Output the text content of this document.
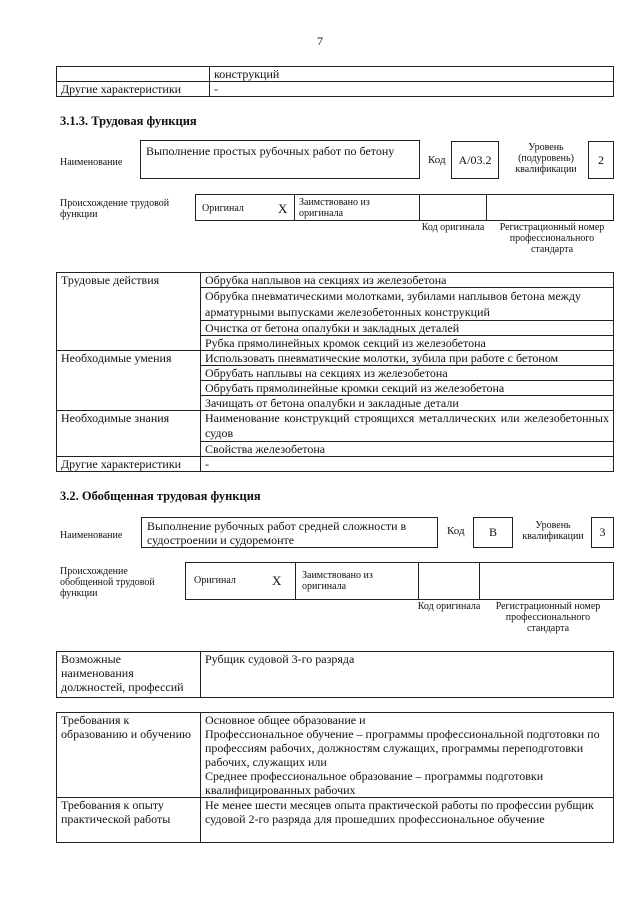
7
	конструкций
Другие характеристики	-
3.1.3. Трудовая функция
Наименование
Выполнение простых рубочных работ по бетону
Код	А/03.2
Уровень (подуровень) квалификации
2
Происхождение трудовой функции
Оригинал	X Заимствовано из оригинала
Код оригинала	Регистрационный номер профессионального стандарта
Трудовые действия	Обрубка наплывов на секциях из железобетона
	Обрубка пневматическими молотками, зубилами наплывов бетона между арматурными выпусками железобетонных конструкций
	Очистка от бетона опалубки и закладных деталей
	Рубка прямолинейных кромок секций из железобетона
Необходимые умения	Использовать пневматические молотки, зубила при работе с бетоном
	Обрубать наплывы на секциях из железобетона
	Обрубать прямолинейные кромки секций из железобетона
	Зачищать от бетона опалубки и закладные детали
Необходимые знания	Наименование конструкций строящихся металлических или железобетонных судов

	Свойства железобетона
Другие характеристики	-
3.2. Обобщенная трудовая функция
Наименование
Выполнение рубочных работ средней сложности в судостроении и судоремонте
Код	В	Уровень квалификации	3
Происхождение обобщенной трудовой функции
Оригинал	X Заимствовано из оригинала
Код оригинала	Регистрационный номер профессионального стандарта
Возможные наименования должностей, профессий	Рубщик судовой 3-го разряда
Требования к образованию и обучению	Основное общее образование и
Профессиональное обучение – программы профессиональной подготовки по профессиям рабочих, должностям служащих, программы переподготовки рабочих, служащих или
Среднее профессиональное образование – программы подготовки квалифицированных рабочих

Требования к опыту практической работы	Не менее шести месяцев опыта практической работы по профессии рубщик судовой 2-го разряда для прошедших профессиональное обучение
